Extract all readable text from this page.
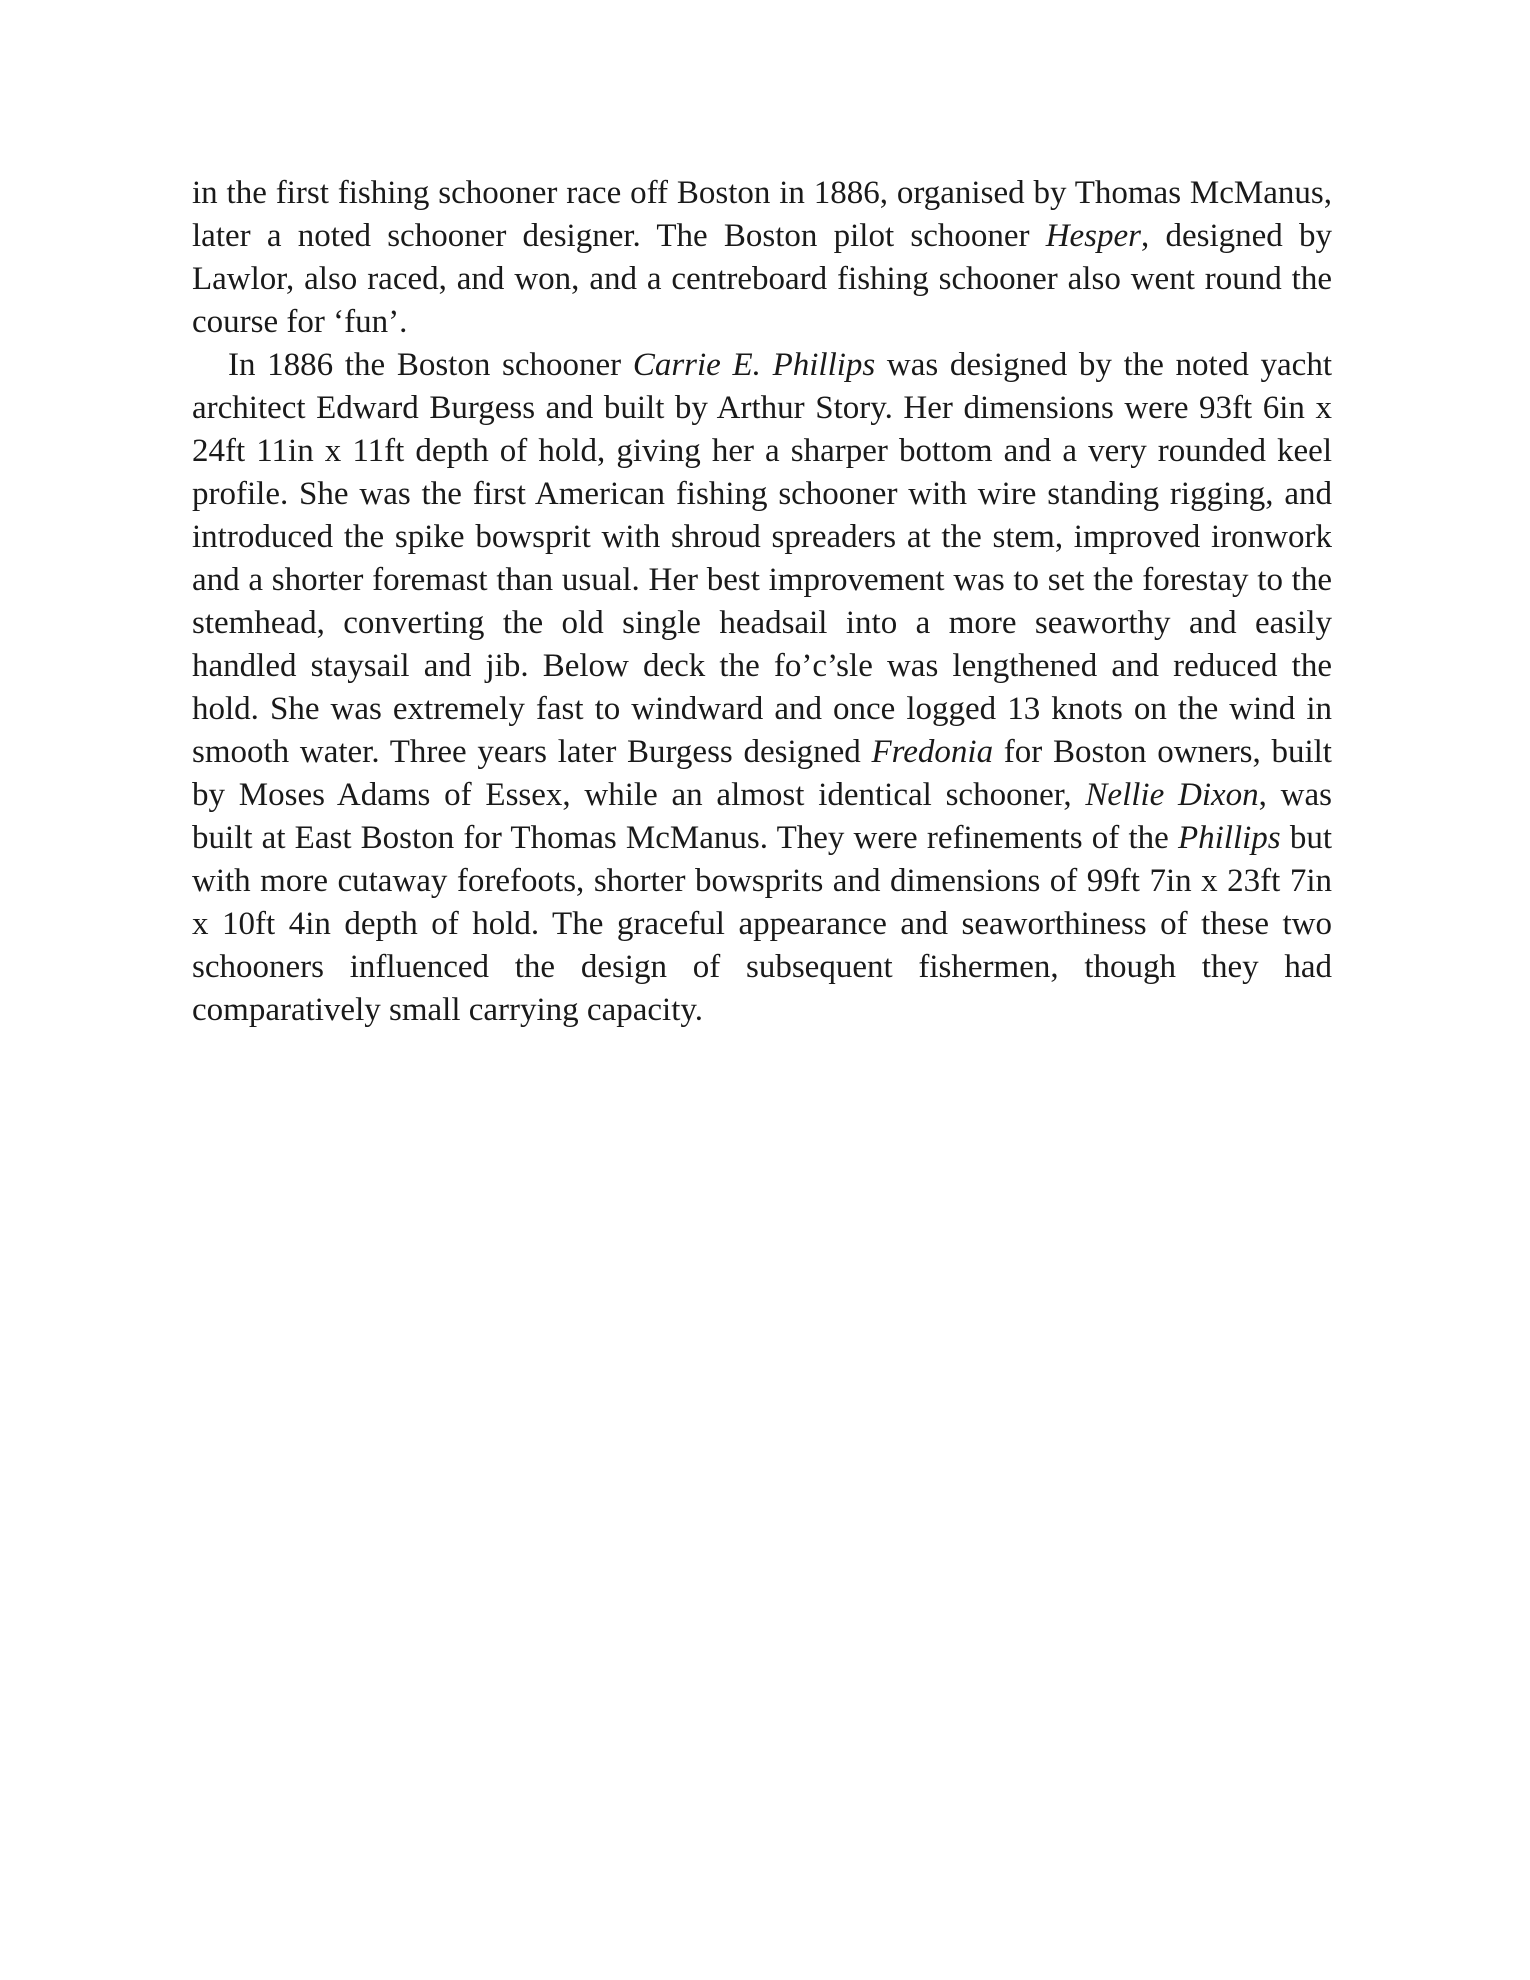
in the first fishing schooner race off Boston in 1886, organised by Thomas McManus, later a noted schooner designer. The Boston pilot schooner Hesper, designed by Lawlor, also raced, and won, and a centreboard fishing schooner also went round the course for ‘fun’.

In 1886 the Boston schooner Carrie E. Phillips was designed by the noted yacht architect Edward Burgess and built by Arthur Story. Her dimensions were 93ft 6in x 24ft 11in x 11ft depth of hold, giving her a sharper bottom and a very rounded keel profile. She was the first American fishing schooner with wire standing rigging, and introduced the spike bowsprit with shroud spreaders at the stem, improved ironwork and a shorter foremast than usual. Her best improvement was to set the forestay to the stemhead, converting the old single headsail into a more seaworthy and easily handled staysail and jib. Below deck the fo’c’sle was lengthened and reduced the hold. She was extremely fast to windward and once logged 13 knots on the wind in smooth water. Three years later Burgess designed Fredonia for Boston owners, built by Moses Adams of Essex, while an almost identical schooner, Nellie Dixon, was built at East Boston for Thomas McManus. They were refinements of the Phillips but with more cutaway forefoots, shorter bowsprits and dimensions of 99ft 7in x 23ft 7in x 10ft 4in depth of hold. The graceful appearance and seaworthiness of these two schooners influenced the design of subsequent fishermen, though they had comparatively small carrying capacity.
